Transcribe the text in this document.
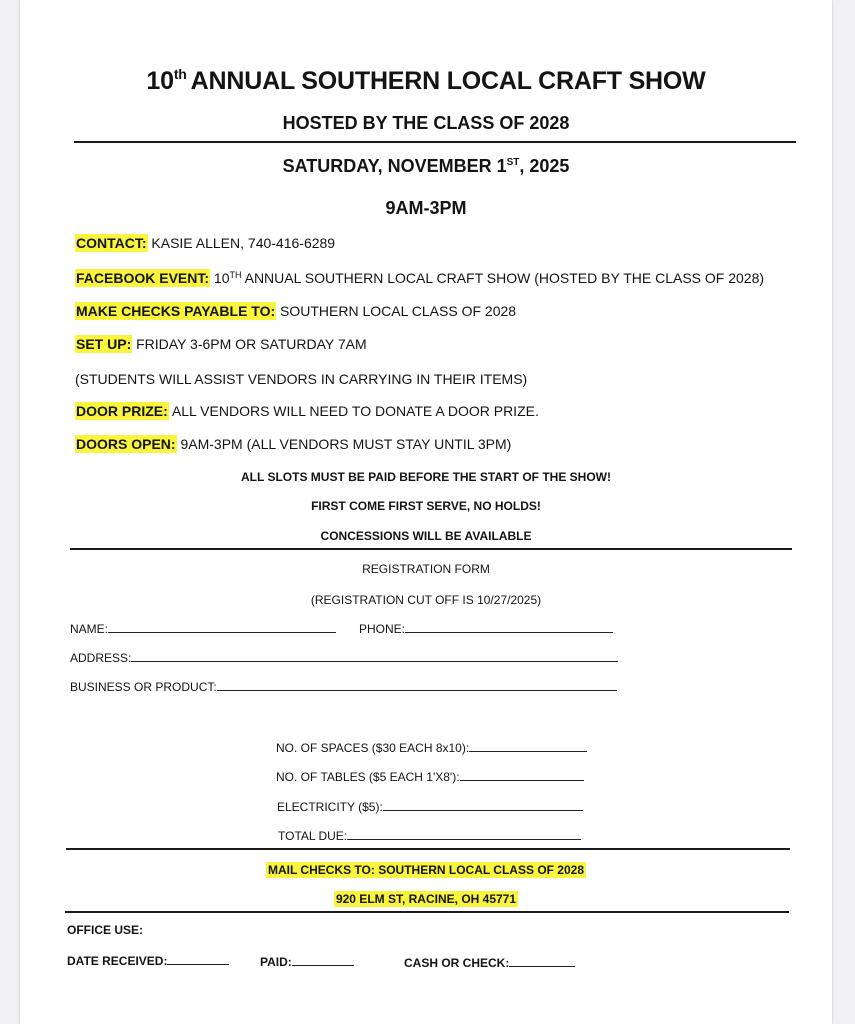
10th ANNUAL SOUTHERN LOCAL CRAFT SHOW
HOSTED BY THE CLASS OF 2028
SATURDAY, NOVEMBER 1ST, 2025
9AM-3PM
CONTACT: KASIE ALLEN, 740-416-6289
FACEBOOK EVENT: 10TH ANNUAL SOUTHERN LOCAL CRAFT SHOW (HOSTED BY THE CLASS OF 2028)
MAKE CHECKS PAYABLE TO: SOUTHERN LOCAL CLASS OF 2028
SET UP: FRIDAY 3-6PM OR SATURDAY 7AM
(STUDENTS WILL ASSIST VENDORS IN CARRYING IN THEIR ITEMS)
DOOR PRIZE: ALL VENDORS WILL NEED TO DONATE A DOOR PRIZE.
DOORS OPEN: 9AM-3PM (ALL VENDORS MUST STAY UNTIL 3PM)
ALL SLOTS MUST BE PAID BEFORE THE START OF THE SHOW!
FIRST COME FIRST SERVE, NO HOLDS!
CONCESSIONS WILL BE AVAILABLE
REGISTRATION FORM
(REGISTRATION CUT OFF IS 10/27/2025)
NAME:	PHONE:
ADDRESS:
BUSINESS OR PRODUCT:
NO. OF SPACES ($30 EACH 8x10):
NO. OF TABLES ($5 EACH 1'X8'):
ELECTRICITY ($5):
TOTAL DUE:
MAIL CHECKS TO: SOUTHERN LOCAL CLASS OF 2028
920 ELM ST, RACINE, OH 45771
OFFICE USE:
DATE RECEIVED:	PAID:	CASH OR CHECK:
